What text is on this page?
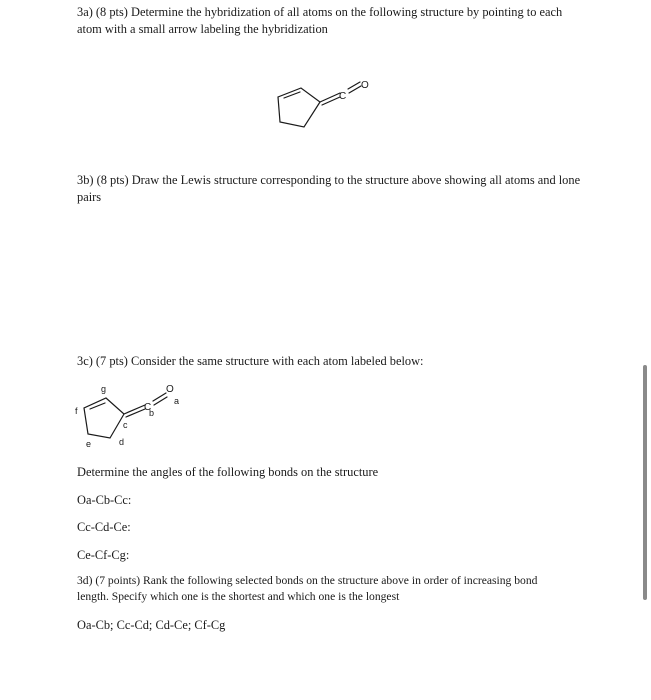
3a) (8 pts) Determine the hybridization of all atoms on the following structure by pointing to each atom with a small arrow labeling the hybridization

C
O

3b) (8 pts) Draw the Lewis structure corresponding to the structure above showing all atoms and lone pairs

3c) (7 pts) Consider the same structure with each atom labeled below:

C
O
a
b
c
d
e
f
g

Determine the angles of the following bonds on the structure

Oa-Cb-Cc:

Cc-Cd-Ce:

Ce-Cf-Cg:

3d) (7 points) Rank the following selected bonds on the structure above in order of increasing bond length. Specify which one is the shortest and which one is the longest

Oa-Cb; Cc-Cd; Cd-Ce; Cf-Cg
